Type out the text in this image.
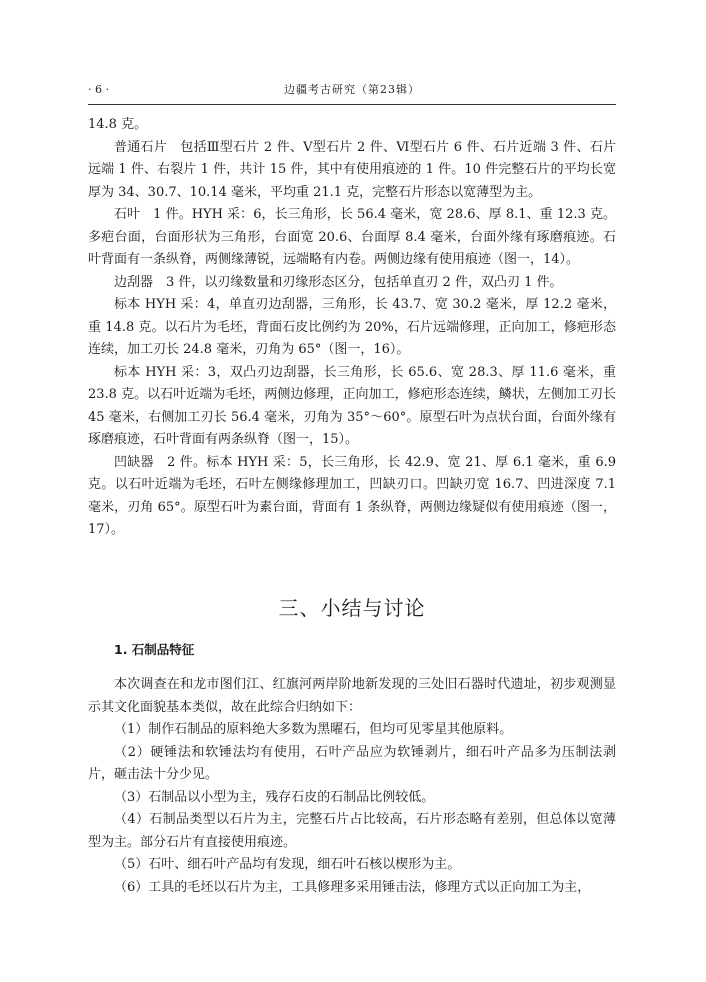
· 6 ·	边疆考古研究（第23辑）

14.8 克。

普通石片　包括Ⅲ型石片 2 件、Ⅴ型石片 2 件、Ⅵ型石片 6 件、石片近端 3 件、石片远端 1 件、右裂片 1 件，共计 15 件，其中有使用痕迹的 1 件。10 件完整石片的平均长宽厚为 34、30.7、10.14 毫米，平均重 21.1 克，完整石片形态以宽薄型为主。

石叶　1 件。HYH 采：6，长三角形，长 56.4 毫米，宽 28.6、厚 8.1、重 12.3 克。多疤台面，台面形状为三角形，台面宽 20.6、台面厚 8.4 毫米，台面外缘有琢磨痕迹。石叶背面有一条纵脊，两侧缘薄锐，远端略有内卷。两侧边缘有使用痕迹（图一，14）。

边刮器　3 件，以刃缘数量和刃缘形态区分，包括单直刃 2 件，双凸刃 1 件。

标本 HYH 采：4，单直刃边刮器，三角形，长 43.7、宽 30.2 毫米，厚 12.2 毫米，重 14.8 克。以石片为毛坯，背面石皮比例约为 20%，石片远端修理，正向加工，修疤形态连续，加工刃长 24.8 毫米，刃角为 65°（图一，16）。

标本 HYH 采：3，双凸刃边刮器，长三角形，长 65.6、宽 28.3、厚 11.6 毫米，重 23.8 克。以石叶近端为毛坯，两侧边修理，正向加工，修疤形态连续，鳞状，左侧加工刃长 45 毫米，右侧加工刃长 56.4 毫米，刃角为 35°～60°。原型石叶为点状台面，台面外缘有琢磨痕迹，石叶背面有两条纵脊（图一，15）。

凹缺器　2 件。标本 HYH 采：5，长三角形，长 42.9、宽 21、厚 6.1 毫米，重 6.9 克。以石叶近端为毛坯，石叶左侧缘修理加工，凹缺刃口。凹缺刃宽 16.7、凹进深度 7.1 毫米，刃角 65°。原型石叶为素台面，背面有 1 条纵脊，两侧边缘疑似有使用痕迹（图一，17）。

三、小结与讨论
1. 石制品特征

本次调查在和龙市图们江、红旗河两岸阶地新发现的三处旧石器时代遗址，初步观测显示其文化面貌基本类似，故在此综合归纳如下：

（1）制作石制品的原料绝大多数为黑曜石，但均可见零星其他原料。

（2）硬锤法和软锤法均有使用，石叶产品应为软锤剥片，细石叶产品多为压制法剥片，砸击法十分少见。

（3）石制品以小型为主，残存石皮的石制品比例较低。

（4）石制品类型以石片为主，完整石片占比较高，石片形态略有差别，但总体以宽薄型为主。部分石片有直接使用痕迹。

（5）石叶、细石叶产品均有发现，细石叶石核以楔形为主。

（6）工具的毛坯以石片为主，工具修理多采用锤击法，修理方式以正向加工为主，
